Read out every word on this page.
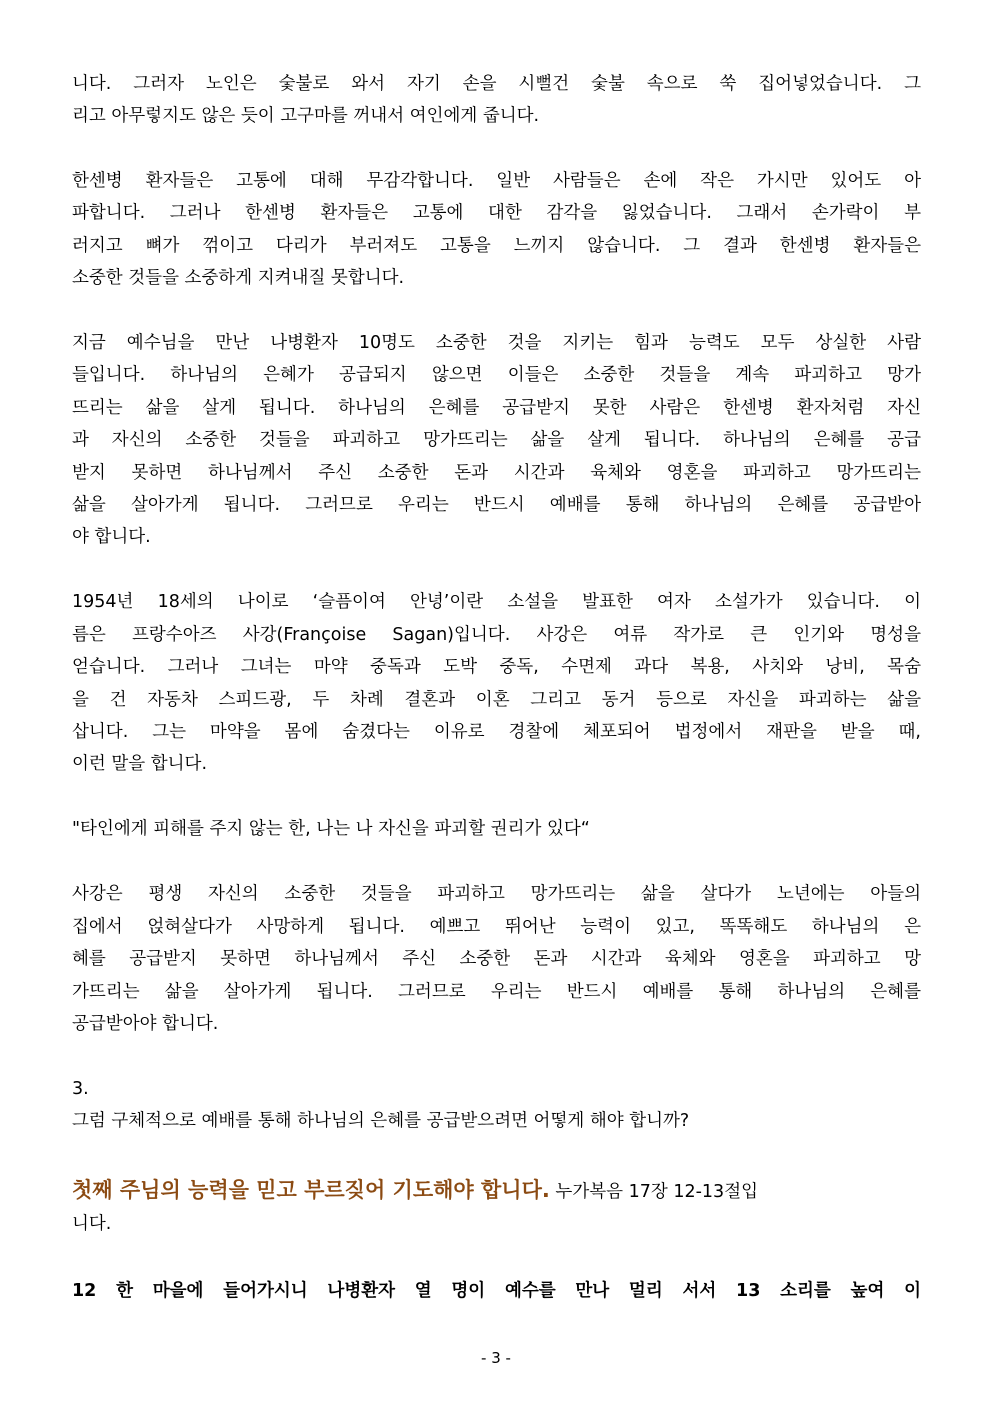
니다. 그러자 노인은 숯불로 와서 자기 손을 시뻘건 숯불 속으로 쑥 집어넣었습니다. 그
리고 아무렇지도 않은 듯이 고구마를 꺼내서 여인에게 줍니다.
한센병 환자들은 고통에 대해 무감각합니다. 일반 사람들은 손에 작은 가시만 있어도 아
파합니다. 그러나 한센병 환자들은 고통에 대한 감각을 잃었습니다. 그래서 손가락이 부
러지고 뼈가 꺾이고 다리가 부러져도 고통을 느끼지 않습니다. 그 결과 한센병 환자들은
소중한 것들을 소중하게 지켜내질 못합니다.
지금 예수님을 만난 나병환자 10명도 소중한 것을 지키는 힘과 능력도 모두 상실한 사람
들입니다. 하나님의 은혜가 공급되지 않으면 이들은 소중한 것들을 계속 파괴하고 망가
뜨리는 삶을 살게 됩니다. 하나님의 은혜를 공급받지 못한 사람은 한센병 환자처럼 자신
과 자신의 소중한 것들을 파괴하고 망가뜨리는 삶을 살게 됩니다. 하나님의 은혜를 공급
받지 못하면 하나님께서 주신 소중한 돈과 시간과 육체와 영혼을 파괴하고 망가뜨리는
삶을 살아가게 됩니다. 그러므로 우리는 반드시 예배를 통해 하나님의 은혜를 공급받아
야 합니다.
1954년 18세의 나이로 ‘슬픔이여 안녕’이란 소설을 발표한 여자 소설가가 있습니다. 이
름은 프랑수아즈 사강(Françoise Sagan)입니다. 사강은 여류 작가로 큰 인기와 명성을
얻습니다. 그러나 그녀는 마약 중독과 도박 중독, 수면제 과다 복용, 사치와 낭비, 목숨
을 건 자동차 스피드광, 두 차례 결혼과 이혼 그리고 동거 등으로 자신을 파괴하는 삶을
삽니다. 그는 마약을 몸에 숨겼다는 이유로 경찰에 체포되어 법정에서 재판을 받을 때,
이런 말을 합니다.
"타인에게 피해를 주지 않는 한, 나는 나 자신을 파괴할 권리가 있다“
사강은 평생 자신의 소중한 것들을 파괴하고 망가뜨리는 삶을 살다가 노년에는 아들의
집에서 얹혀살다가 사망하게 됩니다. 예쁘고 뛰어난 능력이 있고, 똑똑해도 하나님의 은
혜를 공급받지 못하면 하나님께서 주신 소중한 돈과 시간과 육체와 영혼을 파괴하고 망
가뜨리는 삶을 살아가게 됩니다. 그러므로 우리는 반드시 예배를 통해 하나님의 은혜를
공급받아야 합니다.
3.
그럼 구체적으로 예배를 통해 하나님의 은혜를 공급받으려면 어떻게 해야 합니까?
첫째 주님의 능력을 믿고 부르짖어 기도해야 합니다. 누가복음 17장 12-13절입
니다.
12 한 마을에 들어가시니 나병환자 열 명이 예수를 만나 멀리 서서 13 소리를 높여 이
- 3 -
